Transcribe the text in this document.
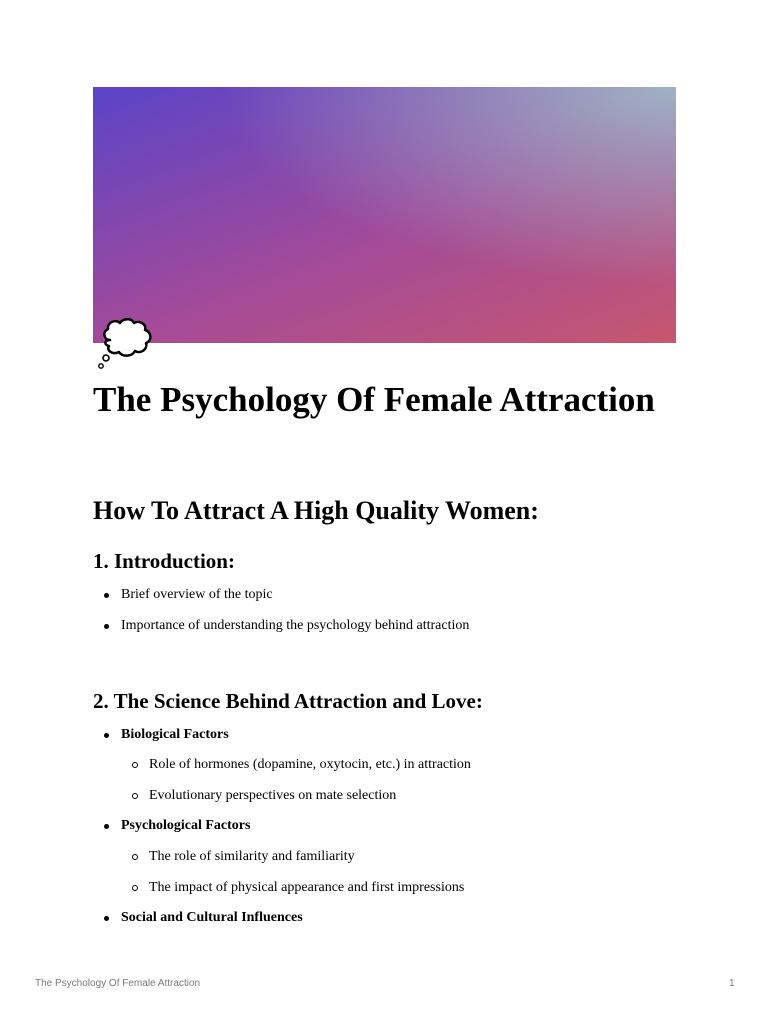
The Psychology Of Female Attraction
How To Attract A High Quality Women:
1. Introduction:
Brief overview of the topic
Importance of understanding the psychology behind attraction
2. The Science Behind Attraction and Love:
Biological Factors
Role of hormones (dopamine, oxytocin, etc.) in attraction
Evolutionary perspectives on mate selection
Psychological Factors
The role of similarity and familiarity
The impact of physical appearance and first impressions
Social and Cultural Influences
The Psychology Of Female Attraction	1
